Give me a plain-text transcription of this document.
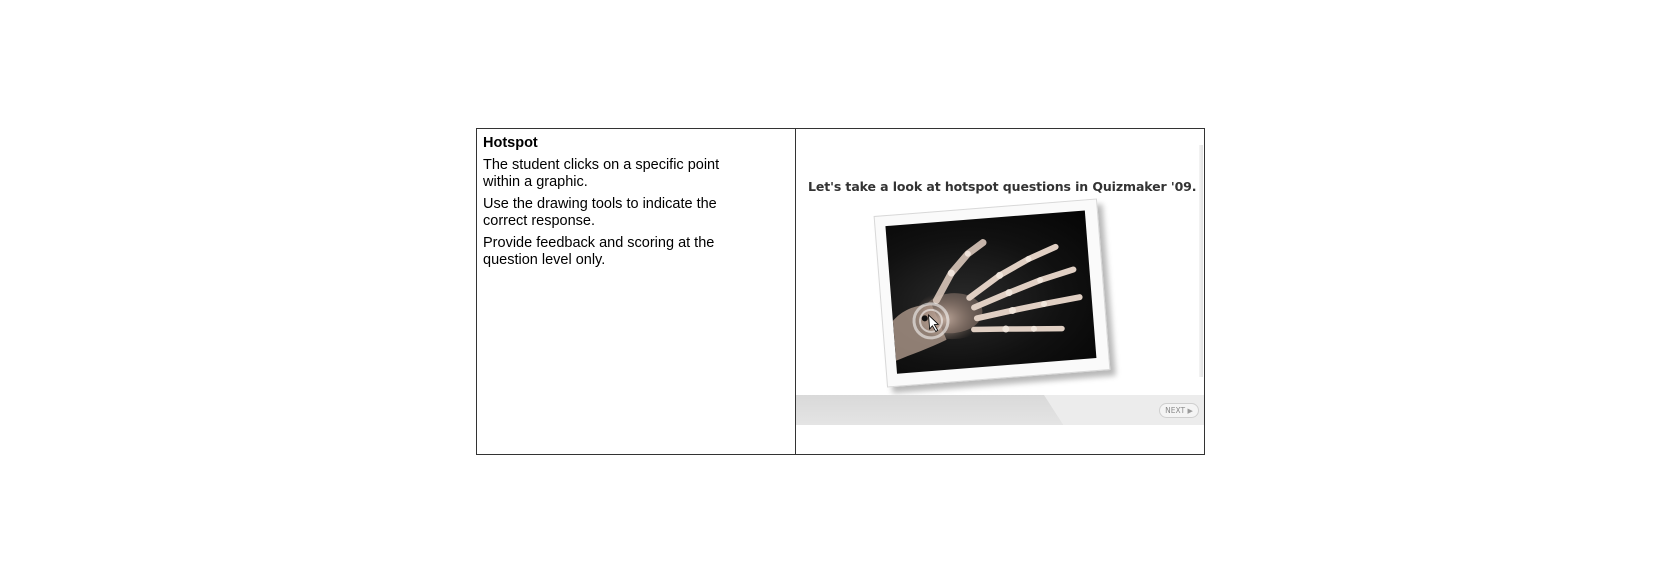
Hotspot

The student clicks on a specific point within a graphic.

Use the drawing tools to indicate the correct response.

Provide feedback and scoring at the question level only.

Let's take a look at hotspot questions in Quizmaker '09.
NEXT ▶
